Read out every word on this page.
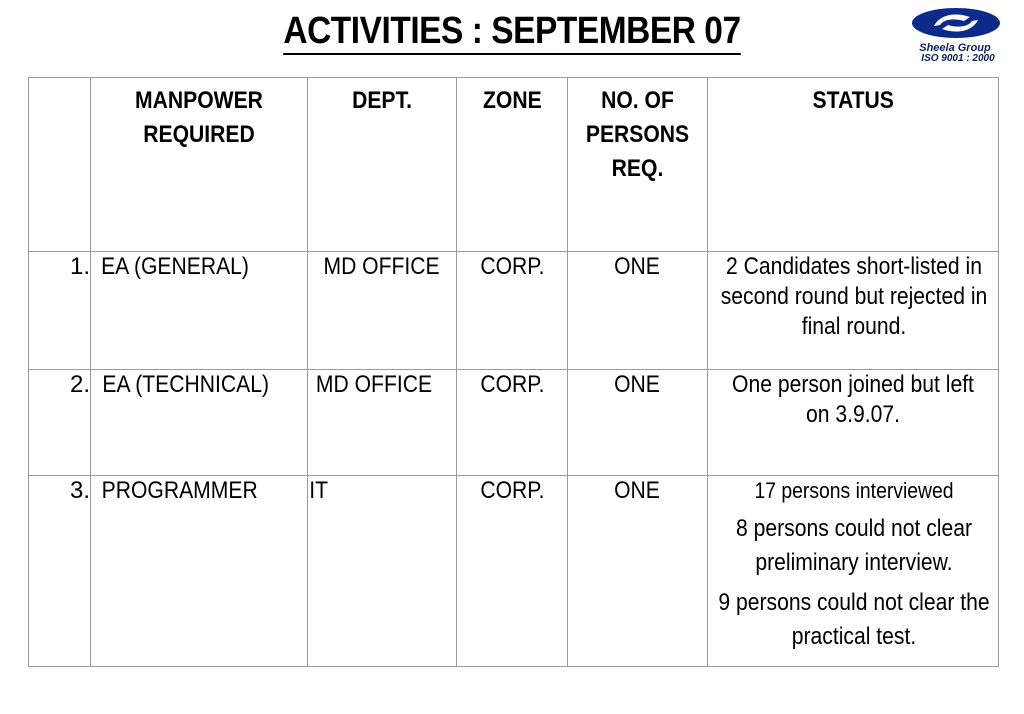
ACTIVITIES : SEPTEMBER 07	Sheela Group
ISO 9001 : 2000
	MANPOWER REQUIRED	DEPT.	ZONE	NO. OF PERSONS REQ.	STATUS
1.	EA (GENERAL)	MD OFFICE	CORP.	ONE	2 Candidates short-listed in second round but rejected in final round.
2.	EA (TECHNICAL)	MD OFFICE	CORP.	ONE	One person joined but left on 3.9.07.
3.	PROGRAMMER	IT	CORP.	ONE	17 persons interviewed 8 persons could not clear preliminary interview. 9 persons could not clear the practical test.
